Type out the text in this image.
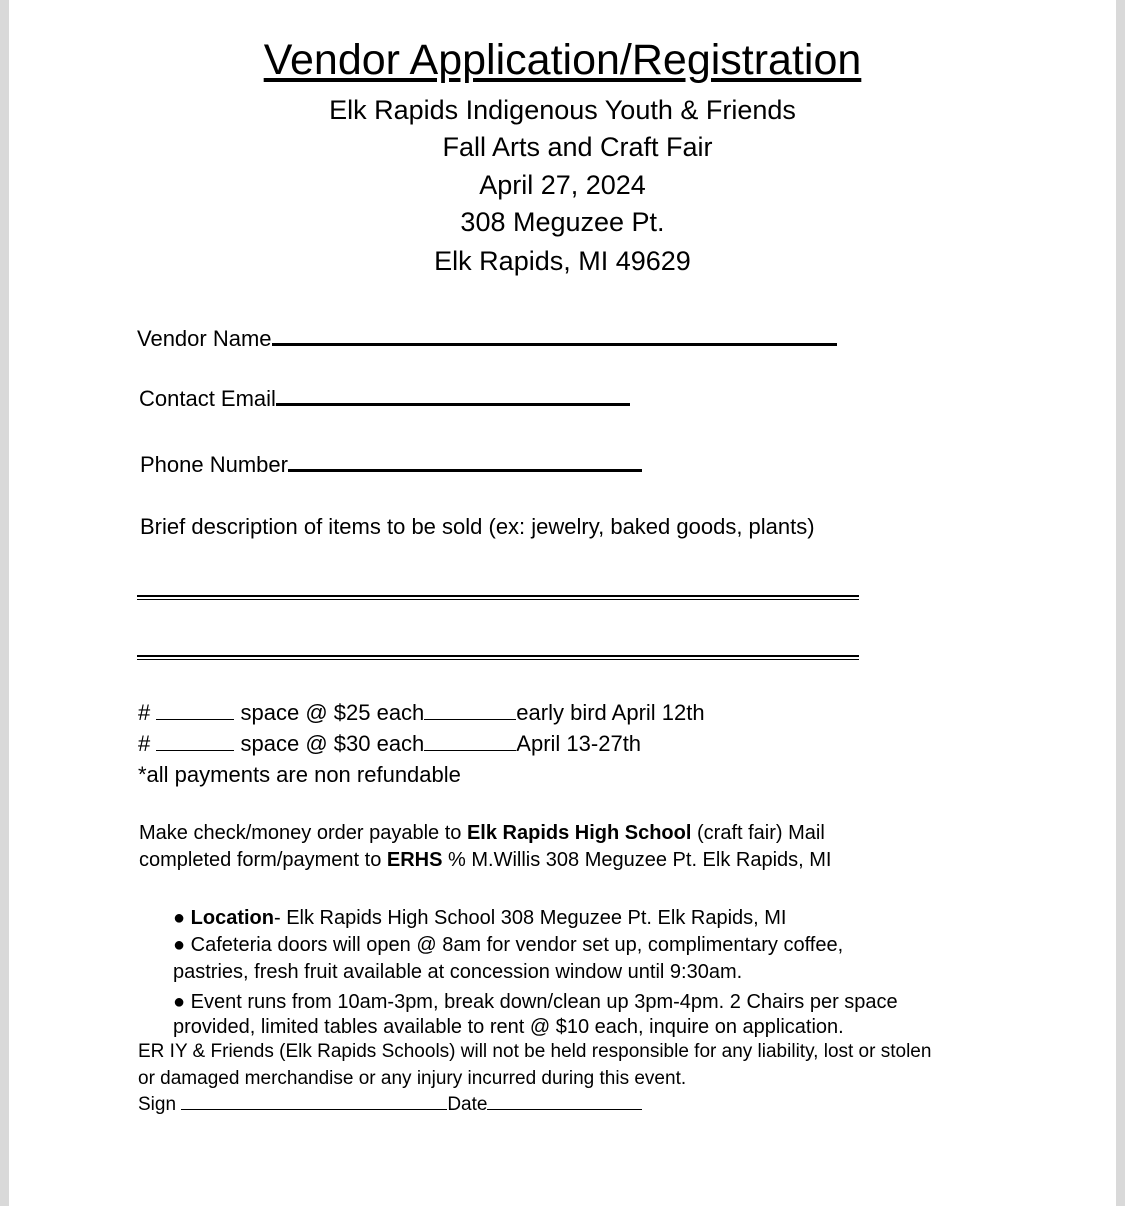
Vendor Application/Registration
Elk Rapids Indigenous Youth & Friends
Fall Arts and Craft Fair
April 27, 2024
308 Meguzee Pt.
Elk Rapids, MI 49629
Vendor Name
Contact Email
Phone Number
Brief description of items to be sold (ex: jewelry, baked goods, plants)
#	space @ $25 each	early bird April 12th
#	space @ $30 each	April 13-27th
*all payments are non refundable
Make check/money order payable to Elk Rapids High School (craft fair) Mail
completed form/payment to ERHS % M.Willis 308 Meguzee Pt. Elk Rapids, MI
● Location- Elk Rapids High School 308 Meguzee Pt. Elk Rapids, MI
● Cafeteria doors will open @ 8am for vendor set up, complimentary coffee,
pastries, fresh fruit available at concession window until 9:30am.
● Event runs from 10am-3pm, break down/clean up 3pm-4pm. 2 Chairs per space
provided, limited tables available to rent @ $10 each, inquire on application.
ER IY & Friends (Elk Rapids Schools) will not be held responsible for any liability, lost or stolen
or damaged merchandise or any injury incurred during this event.
Sign	Date
